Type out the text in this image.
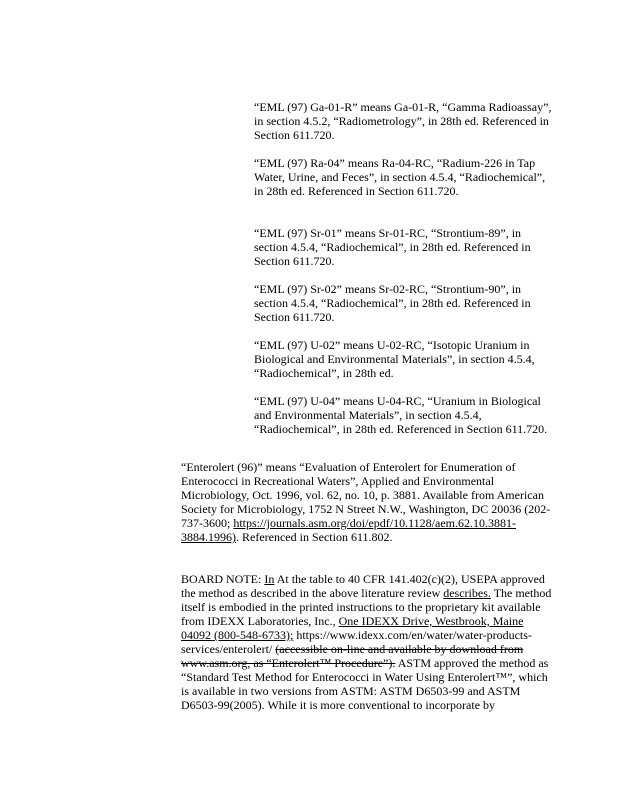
“EML (97) Ga-01-R” means Ga-01-R, “Gamma Radioassay”, in section 4.5.2, “Radiometrology”, in 28th ed. Referenced in Section 611.720.

“EML (97) Ra-04” means Ra-04-RC, “Radium-226 in Tap Water, Urine, and Feces”, in section 4.5.4, “Radiochemical”, in 28th ed. Referenced in Section 611.720.

“EML (97) Sr-01” means Sr-01-RC, “Strontium-89”, in section 4.5.4, “Radiochemical”, in 28th ed. Referenced in Section 611.720.

“EML (97) Sr-02” means Sr-02-RC, “Strontium-90”, in section 4.5.4, “Radiochemical”, in 28th ed. Referenced in Section 611.720.

“EML (97) U-02” means U-02-RC, “Isotopic Uranium in Biological and Environmental Materials”, in section 4.5.4, “Radiochemical”, in 28th ed.

“EML (97) U-04” means U-04-RC, “Uranium in Biological and Environmental Materials”, in section 4.5.4, “Radiochemical”, in 28th ed. Referenced in Section 611.720.

“Enterolert (96)” means “Evaluation of Enterolert for Enumeration of Enterococci in Recreational Waters”, Applied and Environmental Microbiology, Oct. 1996, vol. 62, no. 10, p. 3881. Available from American Society for Microbiology, 1752 N Street N.W., Washington, DC 20036 (202-737-3600; https://journals.asm.org/doi/epdf/10.1128/aem.62.10.3881-3884.1996). Referenced in Section 611.802.

BOARD NOTE: In At the table to 40 CFR 141.402(c)(2), USEPA approved the method as described in the above literature review describes. The method itself is embodied in the printed instructions to the proprietary kit available from IDEXX Laboratories, Inc., One IDEXX Drive, Westbrook, Maine 04092 (800-548-6733); https://www.idexx.com/en/water/water-products-services/enterolert/ (accessible on-line and available by download from www.asm.org, as “Enterolert™ Procedure”). ASTM approved the method as “Standard Test Method for Enterococci in Water Using Enterolert™”, which is available in two versions from ASTM: ASTM D6503-99 and ASTM D6503-99(2005). While it is more conventional to incorporate by
